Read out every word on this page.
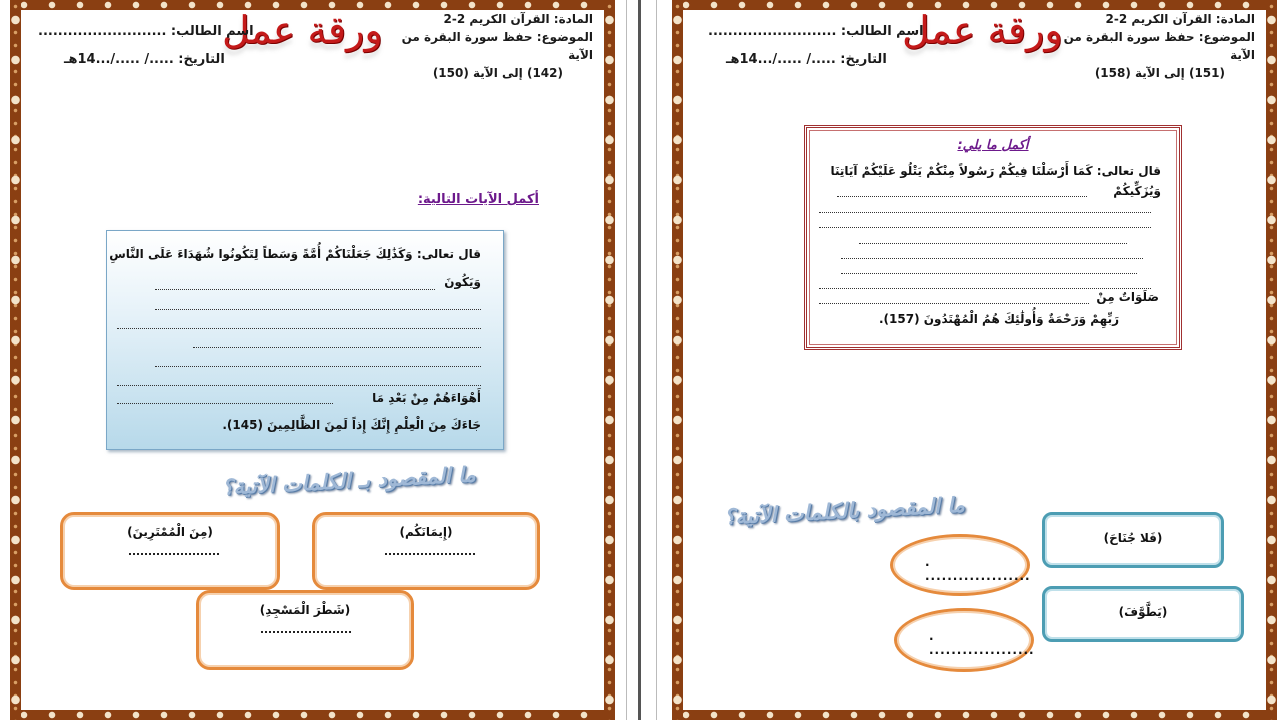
المادة: القرآن الكريم 2-2
الموضوع: حفظ سورة البقرة من الآية
(142) إلى الآية (150)
ورقة عمل
اسم الطالب: ..........................
التاريخ: ...../ ...../...14هـ
أكمل الآيات التالية:
قال تعالى: وَكَذَٰلِكَ جَعَلْنَاكُمْ أُمَّةً وَسَطاً لِتَكُونُوا شُهَدَاءَ عَلَى النَّاسِ
وَيَكُونَ
أَهْوَاءَهُمْ مِنْ بَعْدِ مَا
جَاءَكَ مِنَ الْعِلْمِ إِنَّكَ إِذاً لَمِنَ الظَّالِمِينَ (145).
ما المقصود بـ الكلمات الآتية؟
(إِيمَانَكُم)
(مِنَ الْمُمْتَرِينَ)
(شَطْرَ الْمَسْجِدِ)
المادة: القرآن الكريم 2-2
الموضوع: حفظ سورة البقرة من الآية
(151) إلى الآية (158)
ورقة عمل
اسم الطالب: ..........................
التاريخ: ...../ ...../...14هـ
أكمل ما يلي:
قال تعالى: كَمَا أَرْسَلْنَا فِيكُمْ رَسُولاً مِنْكُمْ يَتْلُو عَلَيْكُمْ آيَاتِنَا
وَيُزَكِّيكُمْ
صَلَوَاتٌ مِنْ
رَبِّهِمْ وَرَحْمَةٌ وَأُولَٰئِكَ هُمُ الْمُهْتَدُونَ (157).
ما المقصود بالكلمات الآتية؟
(فَلا جُنَاحَ)
(يَطَّوَّفَ)
. ...................
. ...................
